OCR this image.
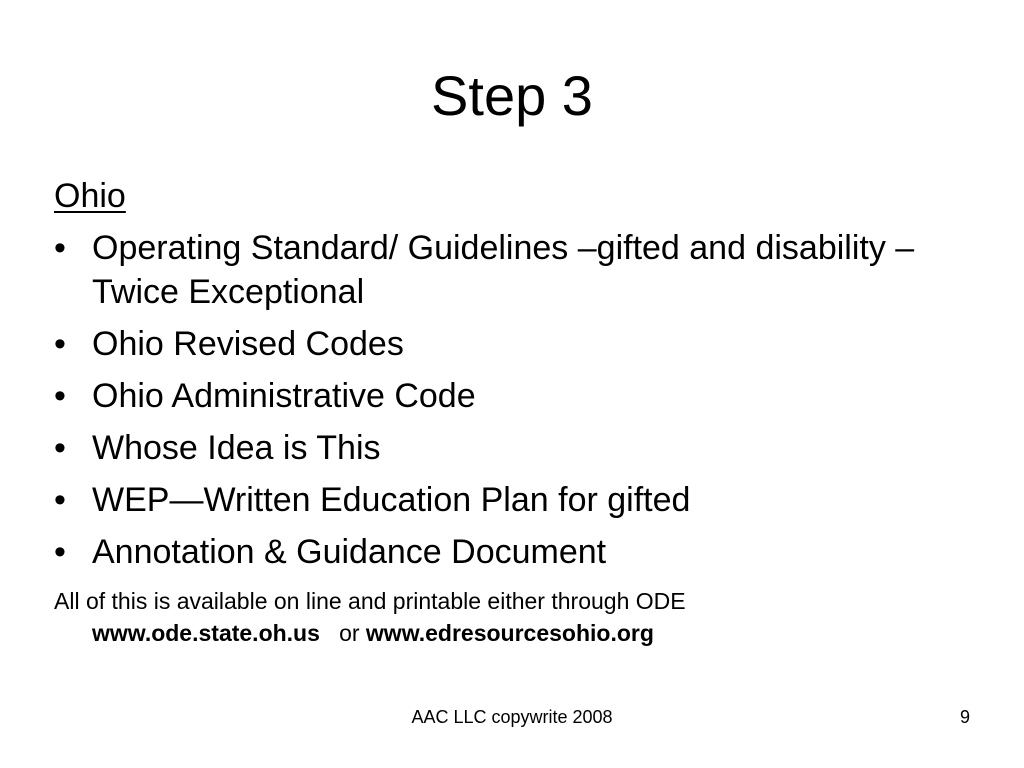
Step 3
Ohio
• Operating Standard/ Guidelines –gifted and disability –Twice Exceptional
• Ohio Revised Codes
• Ohio Administrative Code
• Whose Idea is This
• WEP—Written Education Plan for gifted
• Annotation & Guidance Document
All of this is available on line and printable either through ODE
www.ode.state.oh.us or www.edresourcesohio.org
AAC LLC copywrite 2008	9
